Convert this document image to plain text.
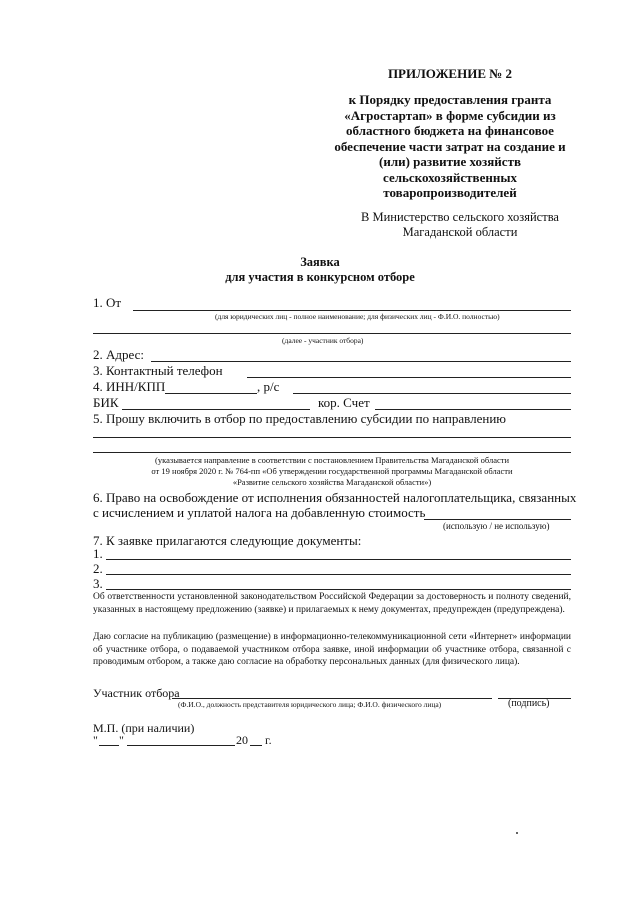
ПРИЛОЖЕНИЕ № 2
к Порядку предоставления гранта
«Агростартап» в форме субсидии из
областного бюджета на финансовое
обеспечение части затрат на создание и
(или) развитие хозяйств
сельскохозяйственных
товаропроизводителей
В Министерство сельского хозяйства
Магаданской области
Заявка
для участия в конкурсном отборе
1. От
(для юридических лиц - полное наименование; для физических лиц - Ф.И.О. полностью)
(далее - участник отбора)
2. Адрес:
3. Контактный телефон
4. ИНН/КПП	, р/с
БИК	кор. Счет
5. Прошу включить в отбор по предоставлению субсидии по направлению
(указывается направление в соответствии с постановлением Правительства Магаданской области
от 19 ноября 2020 г. № 764-пп «Об утверждении государственной программы Магаданской области
«Развитие сельского хозяйства Магаданской области»)
6. Право на освобождение от исполнения обязанностей налогоплательщика, связанных
с исчислением и уплатой налога на добавленную стоимость
(использую / не использую)
7. К заявке прилагаются следующие документы:
1.
2.
3.
Об ответственности установленной законодательством Российской Федерации за достоверность и полноту сведений, указанных в настоящему предложению (заявке) и прилагаемых к нему документах, предупрежден (предупреждена).
Даю согласие на публикацию (размещение) в информационно-телекоммуникационной сети «Интернет» информации об участнике отбора, о подаваемой участником отбора заявке, иной информации об участнике отбора, связанной с проводимым отбором, а также даю согласие на обработку персональных данных (для физического лица).
Участник отбора
(Ф.И.О., должность представителя юридического лица; Ф.И.О. физического лица)	(подпись)
М.П. (при наличии)
" "	20 г.
